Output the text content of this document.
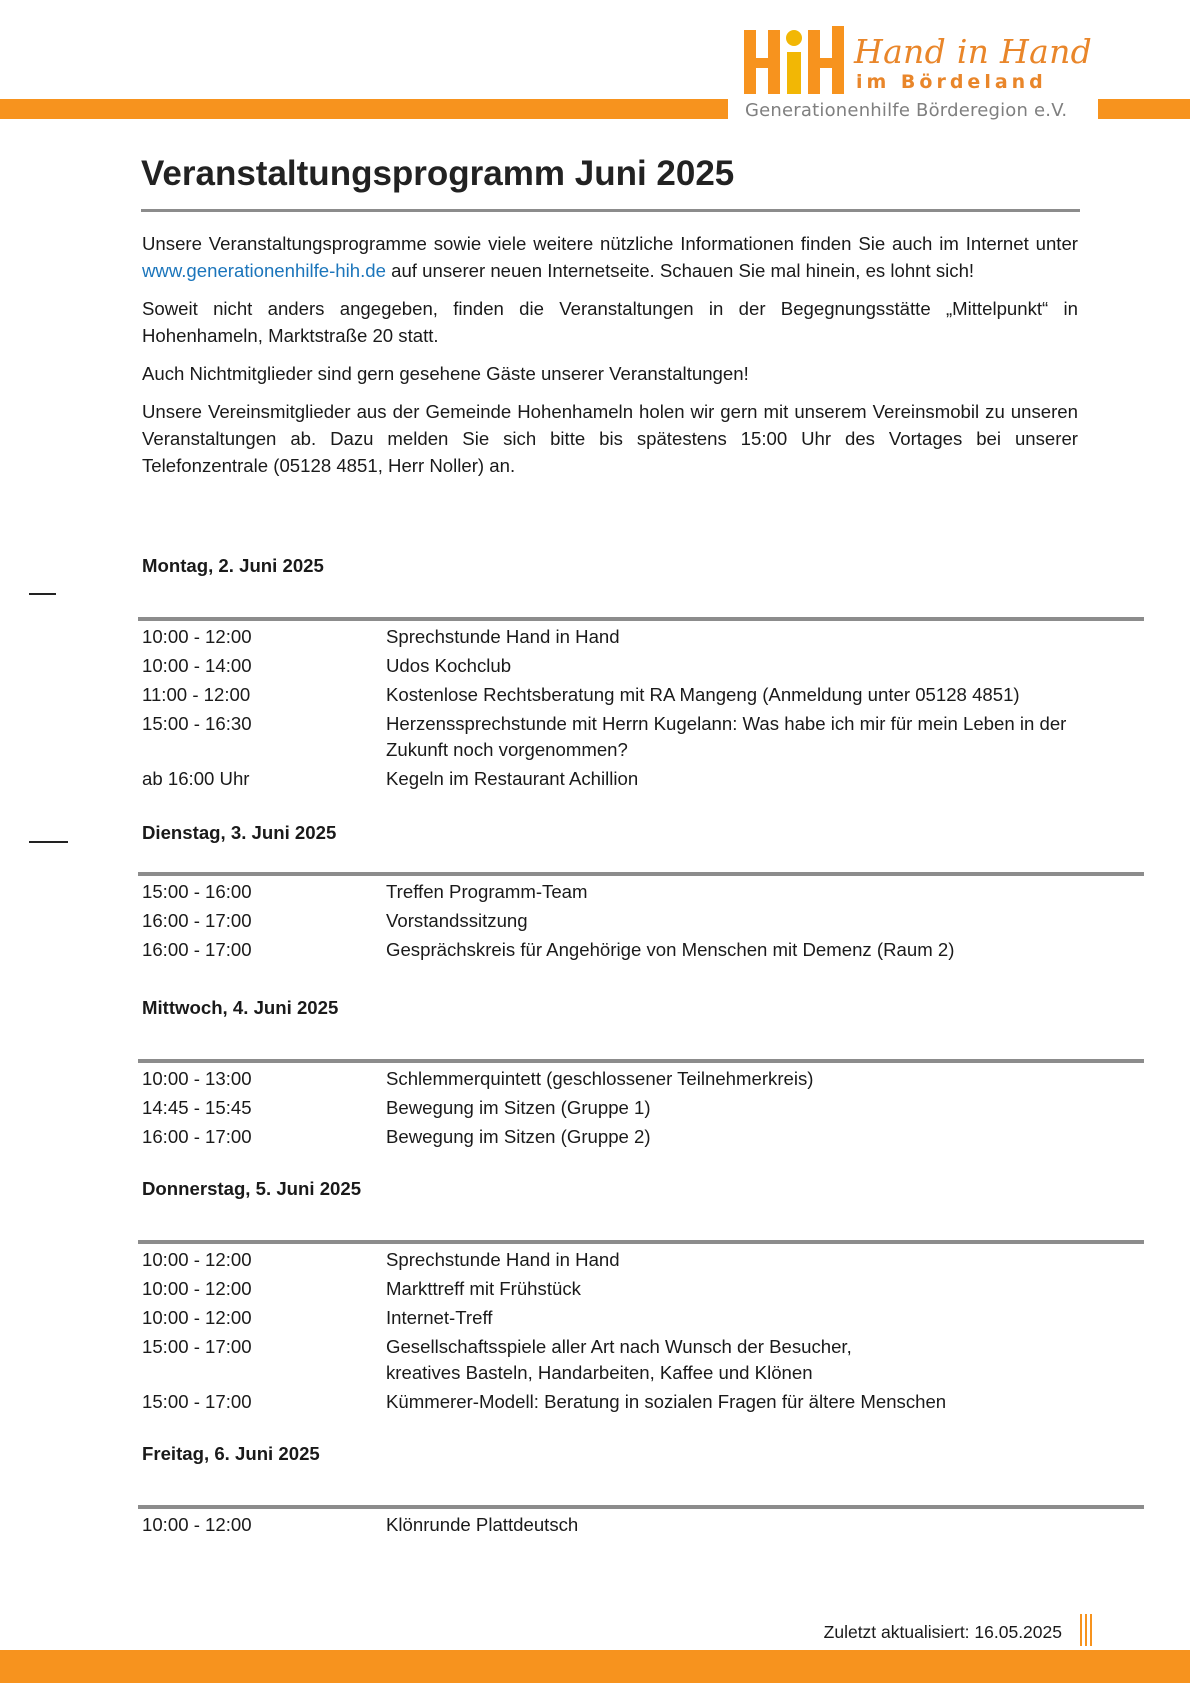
Hand in Hand
im Bördeland
Generationenhilfe Börderegion e.V.
Veranstaltungsprogramm Juni 2025

Unsere Veranstaltungsprogramme sowie viele weitere nützliche Informationen finden Sie auch im Internet unter www.generationenhilfe-hih.de auf unserer neuen Internetseite. Schauen Sie mal hinein, es lohnt sich!

Soweit nicht anders angegeben, finden die Veranstaltungen in der Begegnungsstätte „Mittelpunkt“ in Hohenhameln, Marktstraße 20 statt.

Auch Nichtmitglieder sind gern gesehene Gäste unserer Veranstaltungen!

Unsere Vereinsmitglieder aus der Gemeinde Hohenhameln holen wir gern mit unserem Vereinsmobil zu unseren Veranstaltungen ab. Dazu melden Sie sich bitte bis spätestens 15:00 Uhr des Vortages bei unserer Telefonzentrale (05128 4851, Herr Noller) an.

Montag, 2. Juni 2025
10:00 - 12:00	Sprechstunde Hand in Hand
10:00 - 14:00	Udos Kochclub
11:00 - 12:00	Kostenlose Rechtsberatung mit RA Mangeng (Anmeldung unter 05128 4851)
15:00 - 16:30	Herzenssprechstunde mit Herrn Kugelann: Was habe ich mir für mein Leben in der Zukunft noch vorgenommen?
ab 16:00 Uhr	Kegeln im Restaurant Achillion
Dienstag, 3. Juni 2025
15:00 - 16:00	Treffen Programm-Team
16:00 - 17:00	Vorstandssitzung
16:00 - 17:00	Gesprächskreis für Angehörige von Menschen mit Demenz (Raum 2)
Mittwoch, 4. Juni 2025
10:00 - 13:00	Schlemmerquintett (geschlossener Teilnehmerkreis)
14:45 - 15:45	Bewegung im Sitzen (Gruppe 1)
16:00 - 17:00	Bewegung im Sitzen (Gruppe 2)
Donnerstag, 5. Juni 2025
10:00 - 12:00	Sprechstunde Hand in Hand
10:00 - 12:00	Markttreff mit Frühstück
10:00 - 12:00	Internet-Treff
15:00 - 17:00	Gesellschaftsspiele aller Art nach Wunsch der Besucher,
kreatives Basteln, Handarbeiten, Kaffee und Klönen
15:00 - 17:00	Kümmerer-Modell: Beratung in sozialen Fragen für ältere Menschen
Freitag, 6. Juni 2025
10:00 - 12:00	Klönrunde Plattdeutsch
Zuletzt aktualisiert: 16.05.2025
